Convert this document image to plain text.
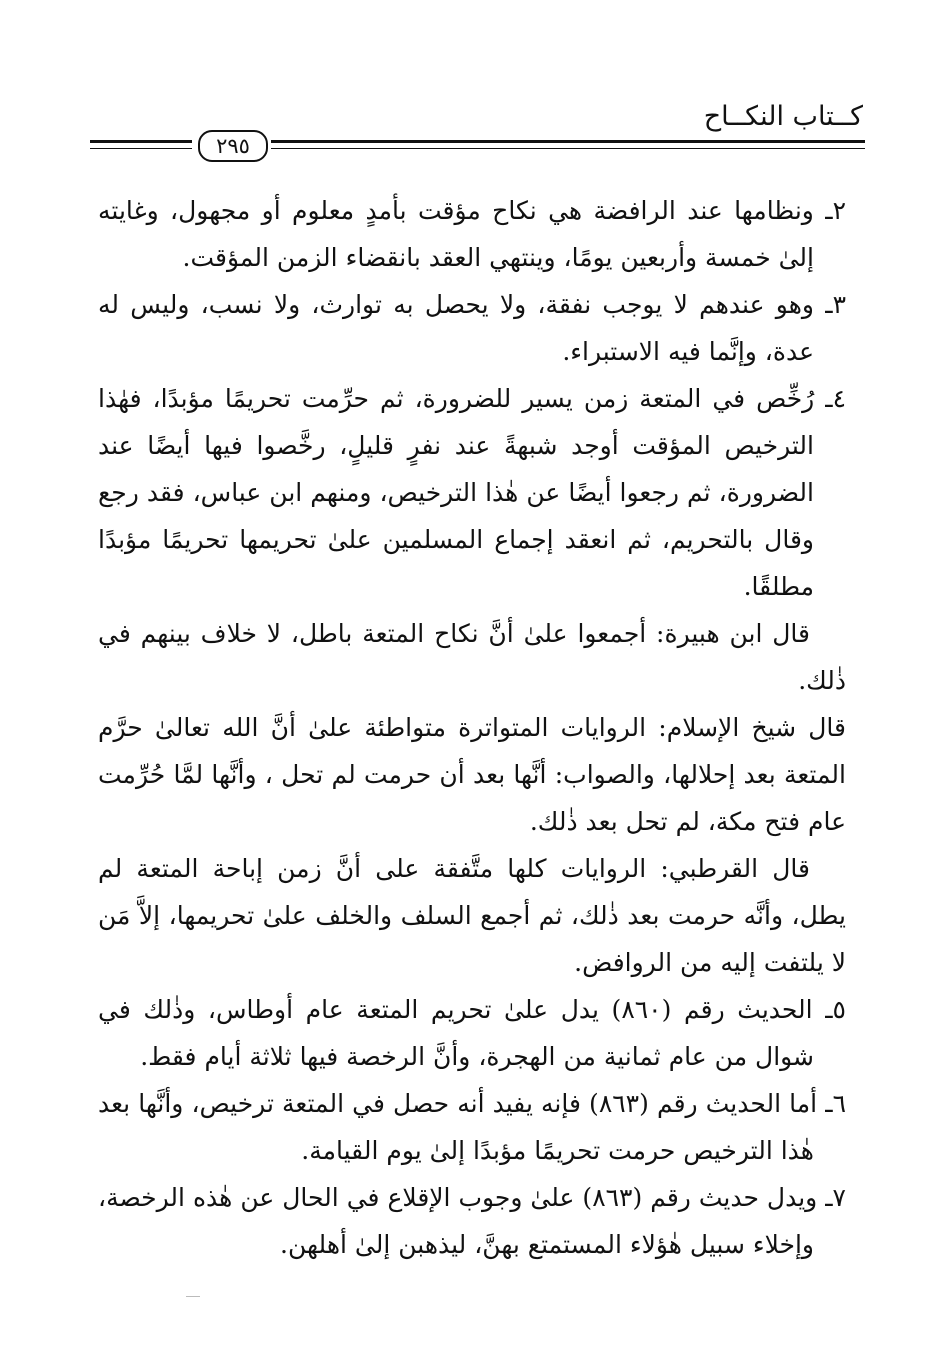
كــتاب النكــاح
٢٩٥

٢ـ ونظامها عند الرافضة هي نكاح مؤقت بأمدٍ معلوم أو مجهول، وغايته إلىٰ خمسة وأربعين يومًا، وينتهي العقد بانقضاء الزمن المؤقت.

٣ـ وهو عندهم لا يوجب نفقة، ولا يحصل به توارث، ولا نسب، وليس له عدة، وإنَّما فيه الاستبراء.

٤ـ رُخِّص في المتعة زمن يسير للضرورة، ثم حرِّمت تحريمًا مؤبدًا، فهٰذا الترخيص المؤقت أوجد شبهةً عند نفرٍ قليلٍ، رخَّصوا فيها أيضًا عند الضرورة، ثم رجعوا أيضًا عن هٰذا الترخيص، ومنهم ابن عباس، فقد رجع وقال بالتحريم، ثم انعقد إجماع المسلمين علىٰ تحريمها تحريمًا مؤبدًا مطلقًا.

قال ابن هبيرة: أجمعوا علىٰ أنَّ نكاح المتعة باطل، لا خلاف بينهم في ذٰلك.

قال شيخ الإسلام: الروايات المتواترة متواطئة علىٰ أنَّ الله تعالىٰ حرَّم المتعة بعد إحلالها، والصواب: أنَّها بعد أن حرمت لم تحل ، وأنَّها لمَّا حُرِّمت عام فتح مكة، لم تحل بعد ذٰلك.

قال القرطبي: الروايات كلها متَّفقة على أنَّ زمن إباحة المتعة لم يطل، وأنَّه حرمت بعد ذٰلك، ثم أجمع السلف والخلف علىٰ تحريمها، إلاَّ مَن لا يلتفت إليه من الروافض.

٥ـ الحديث رقم (٨٦٠) يدل علىٰ تحريم المتعة عام أوطاس، وذٰلك في شوال من عام ثمانية من الهجرة، وأنَّ الرخصة فيها ثلاثة أيام فقط.

٦ـ أما الحديث رقم (٨٦٣) فإنه يفيد أنه حصل في المتعة ترخيص، وأنَّها بعد هٰذا الترخيص حرمت تحريمًا مؤبدًا إلىٰ يوم القيامة.

٧ـ ويدل حديث رقم (٨٦٣) علىٰ وجوب الإقلاع في الحال عن هٰذه الرخصة، وإخلاء سبيل هٰؤلاء المستمتع بهنَّ، ليذهبن إلىٰ أهلهن.
